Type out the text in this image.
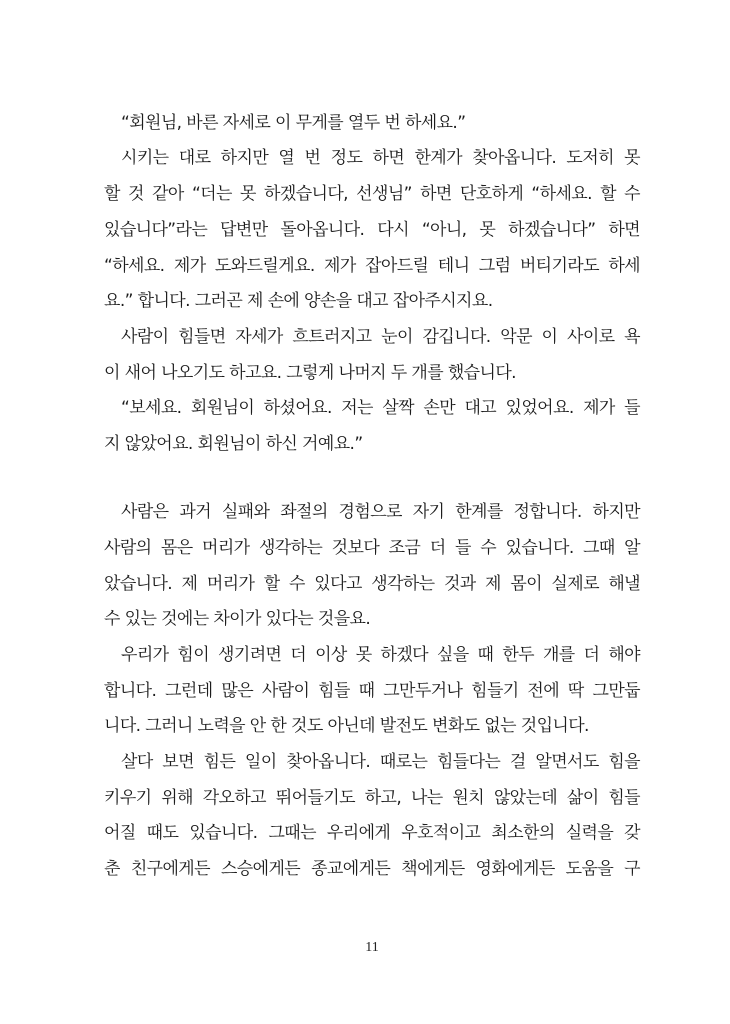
“회원님, 바른 자세로 이 무게를 열두 번 하세요.”
시키는 대로 하지만 열 번 정도 하면 한계가 찾아옵니다. 도저히 못
할 것 같아 “더는 못 하겠습니다, 선생님” 하면 단호하게 “하세요. 할 수
있습니다”라는 답변만 돌아옵니다. 다시 “아니, 못 하겠습니다” 하면
“하세요. 제가 도와드릴게요. 제가 잡아드릴 테니 그럼 버티기라도 하세
요.” 합니다. 그러곤 제 손에 양손을 대고 잡아주시지요.
사람이 힘들면 자세가 흐트러지고 눈이 감깁니다. 악문 이 사이로 욕
이 새어 나오기도 하고요. 그렇게 나머지 두 개를 했습니다.
“보세요. 회원님이 하셨어요. 저는 살짝 손만 대고 있었어요. 제가 들
지 않았어요. 회원님이 하신 거예요.”
사람은 과거 실패와 좌절의 경험으로 자기 한계를 정합니다. 하지만
사람의 몸은 머리가 생각하는 것보다 조금 더 들 수 있습니다. 그때 알
았습니다. 제 머리가 할 수 있다고 생각하는 것과 제 몸이 실제로 해낼
수 있는 것에는 차이가 있다는 것을요.
우리가 힘이 생기려면 더 이상 못 하겠다 싶을 때 한두 개를 더 해야
합니다. 그런데 많은 사람이 힘들 때 그만두거나 힘들기 전에 딱 그만둡
니다. 그러니 노력을 안 한 것도 아닌데 발전도 변화도 없는 것입니다.
살다 보면 힘든 일이 찾아옵니다. 때로는 힘들다는 걸 알면서도 힘을
키우기 위해 각오하고 뛰어들기도 하고, 나는 원치 않았는데 삶이 힘들
어질 때도 있습니다. 그때는 우리에게 우호적이고 최소한의 실력을 갖
춘 친구에게든 스승에게든 종교에게든 책에게든 영화에게든 도움을 구
11
